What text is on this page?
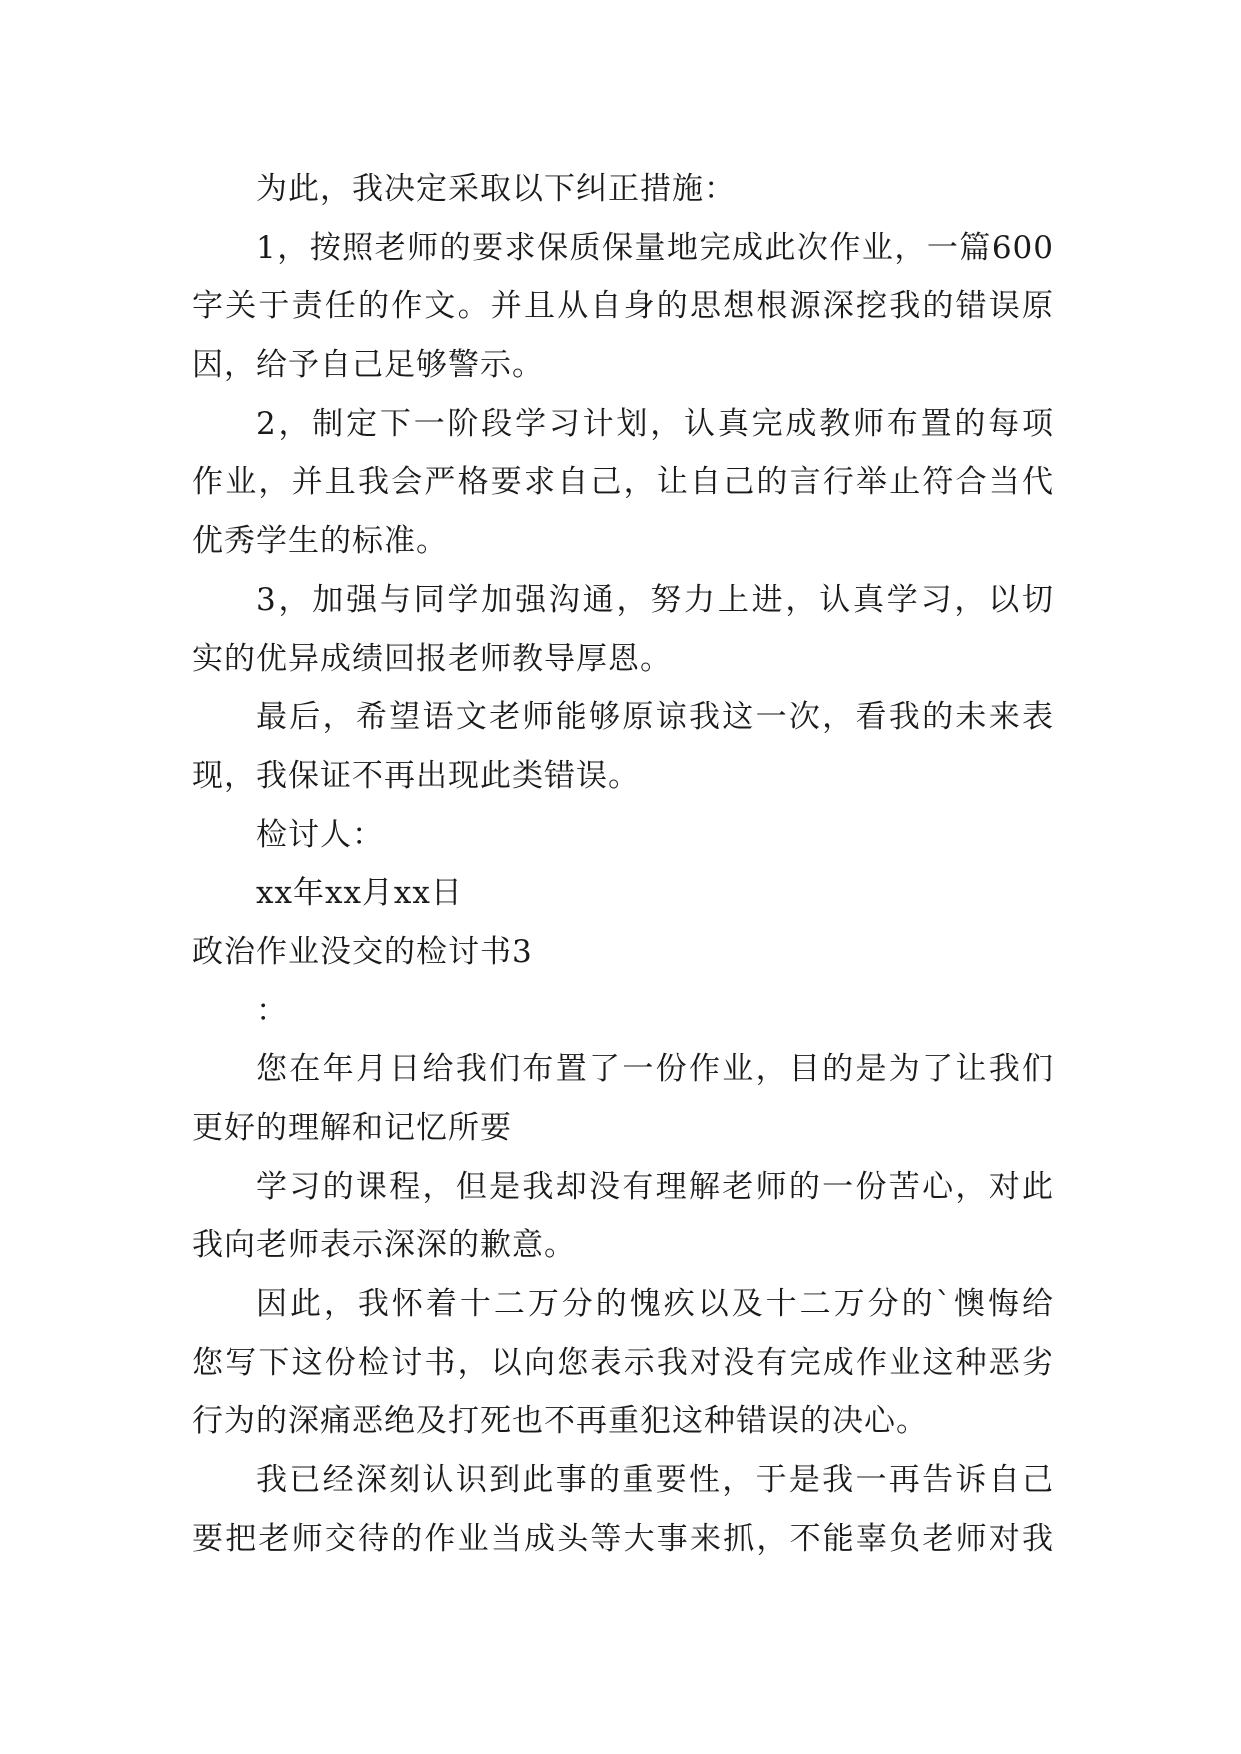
为此，我决定采取以下纠正措施：
1，按照老师的要求保质保量地完成此次作业，一篇600
字关于责任的作文。并且从自身的思想根源深挖我的错误原
因，给予自己足够警示。
2，制定下一阶段学习计划，认真完成教师布置的每项
作业，并且我会严格要求自己，让自己的言行举止符合当代
优秀学生的标准。
3，加强与同学加强沟通，努力上进，认真学习，以切
实的优异成绩回报老师教导厚恩。
最后，希望语文老师能够原谅我这一次，看我的未来表
现，我保证不再出现此类错误。
检讨人：
xx年xx月xx日
政治作业没交的检讨书3
：
您在年月日给我们布置了一份作业，目的是为了让我们
更好的理解和记忆所要
学习的课程，但是我却没有理解老师的一份苦心，对此
我向老师表示深深的歉意。
因此，我怀着十二万分的愧疚以及十二万分的`懊悔给
您写下这份检讨书，以向您表示我对没有完成作业这种恶劣
行为的深痛恶绝及打死也不再重犯这种错误的决心。
我已经深刻认识到此事的重要性，于是我一再告诉自己
要把老师交待的作业当成头等大事来抓，不能辜负老师对我
